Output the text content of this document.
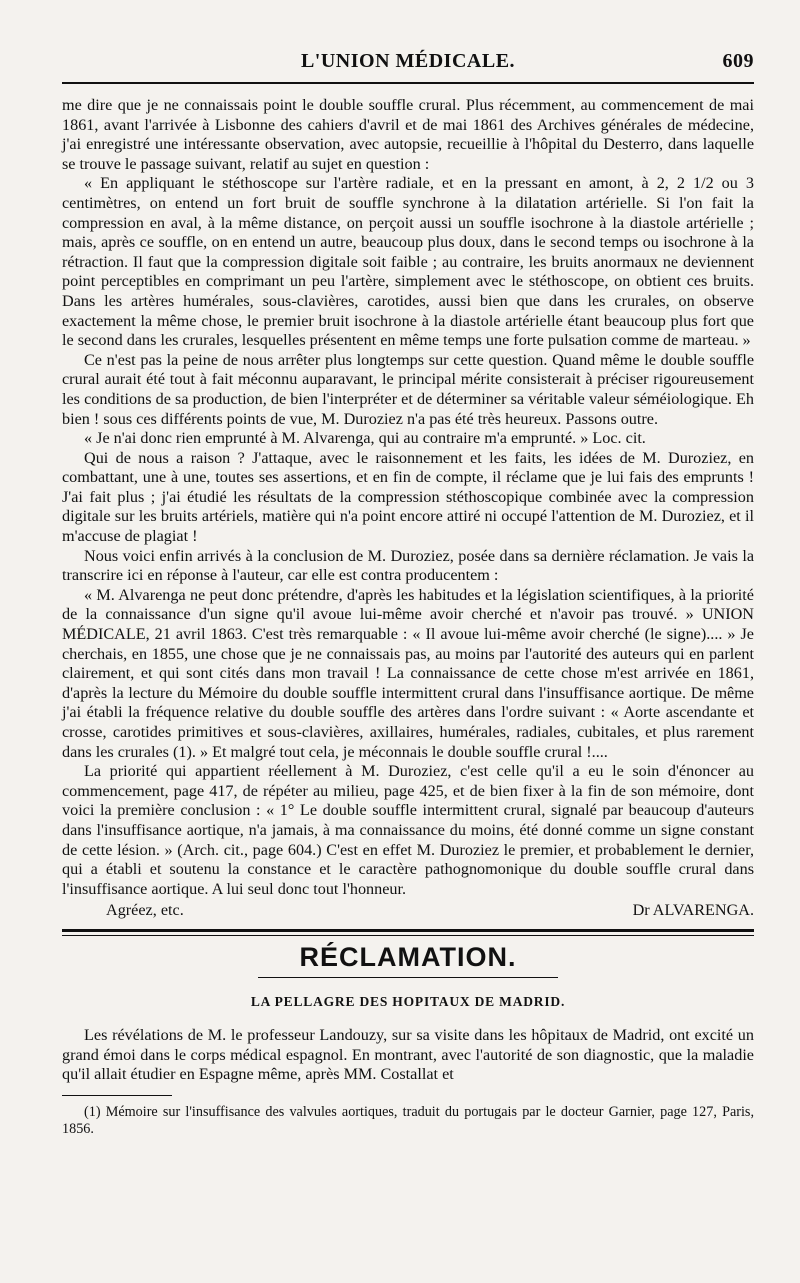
L'UNION MÉDICALE.	609

me dire que je ne connaissais point le double souffle crural. Plus récemment, au commencement de mai 1861, avant l'arrivée à Lisbonne des cahiers d'avril et de mai 1861 des Archives générales de médecine, j'ai enregistré une intéressante observation, avec autopsie, recueillie à l'hôpital du Desterro, dans laquelle se trouve le passage suivant, relatif au sujet en question :

« En appliquant le stéthoscope sur l'artère radiale, et en la pressant en amont, à 2, 2 1/2 ou 3 centimètres, on entend un fort bruit de souffle synchrone à la dilatation artérielle. Si l'on fait la compression en aval, à la même distance, on perçoit aussi un souffle isochrone à la diastole artérielle ; mais, après ce souffle, on en entend un autre, beaucoup plus doux, dans le second temps ou isochrone à la rétraction. Il faut que la compression digitale soit faible ; au contraire, les bruits anormaux ne deviennent point perceptibles en comprimant un peu l'artère, simplement avec le stéthoscope, on obtient ces bruits. Dans les artères humérales, sous-clavières, carotides, aussi bien que dans les crurales, on observe exactement la même chose, le premier bruit isochrone à la diastole artérielle étant beaucoup plus fort que le second dans les crurales, lesquelles présentent en même temps une forte pulsation comme de marteau. »

Ce n'est pas la peine de nous arrêter plus longtemps sur cette question. Quand même le double souffle crural aurait été tout à fait méconnu auparavant, le principal mérite consisterait à préciser rigoureusement les conditions de sa production, de bien l'interpréter et de déterminer sa véritable valeur séméiologique. Eh bien ! sous ces différents points de vue, M. Duroziez n'a pas été très heureux. Passons outre.

« Je n'ai donc rien emprunté à M. Alvarenga, qui au contraire m'a emprunté. » Loc. cit.

Qui de nous a raison ? J'attaque, avec le raisonnement et les faits, les idées de M. Duroziez, en combattant, une à une, toutes ses assertions, et en fin de compte, il réclame que je lui fais des emprunts ! J'ai fait plus ; j'ai étudié les résultats de la compression stéthoscopique combinée avec la compression digitale sur les bruits artériels, matière qui n'a point encore attiré ni occupé l'attention de M. Duroziez, et il m'accuse de plagiat !

Nous voici enfin arrivés à la conclusion de M. Duroziez, posée dans sa dernière réclamation. Je vais la transcrire ici en réponse à l'auteur, car elle est contra producentem :

« M. Alvarenga ne peut donc prétendre, d'après les habitudes et la législation scientifiques, à la priorité de la connaissance d'un signe qu'il avoue lui-même avoir cherché et n'avoir pas trouvé. » UNION MÉDICALE, 21 avril 1863. C'est très remarquable : « Il avoue lui-même avoir cherché (le signe).... » Je cherchais, en 1855, une chose que je ne connaissais pas, au moins par l'autorité des auteurs qui en parlent clairement, et qui sont cités dans mon travail ! La connaissance de cette chose m'est arrivée en 1861, d'après la lecture du Mémoire du double souffle intermittent crural dans l'insuffisance aortique. De même j'ai établi la fréquence relative du double souffle des artères dans l'ordre suivant : « Aorte ascendante et crosse, carotides primitives et sous-clavières, axillaires, humérales, radiales, cubitales, et plus rarement dans les crurales (1). » Et malgré tout cela, je méconnais le double souffle crural !....

La priorité qui appartient réellement à M. Duroziez, c'est celle qu'il a eu le soin d'énoncer au commencement, page 417, de répéter au milieu, page 425, et de bien fixer à la fin de son mémoire, dont voici la première conclusion : « 1° Le double souffle intermittent crural, signalé par beaucoup d'auteurs dans l'insuffisance aortique, n'a jamais, à ma connaissance du moins, été donné comme un signe constant de cette lésion. » (Arch. cit., page 604.) C'est en effet M. Duroziez le premier, et probablement le dernier, qui a établi et soutenu la constance et le caractère pathognomonique du double souffle crural dans l'insuffisance aortique. A lui seul donc tout l'honneur.

Agréez, etc.	Dr ALVARENGA.
RÉCLAMATION.
LA PELLAGRE DES HOPITAUX DE MADRID.

Les révélations de M. le professeur Landouzy, sur sa visite dans les hôpitaux de Madrid, ont excité un grand émoi dans le corps médical espagnol. En montrant, avec l'autorité de son diagnostic, que la maladie qu'il allait étudier en Espagne même, après MM. Costallat et

(1) Mémoire sur l'insuffisance des valvules aortiques, traduit du portugais par le docteur Garnier, page 127, Paris, 1856.
